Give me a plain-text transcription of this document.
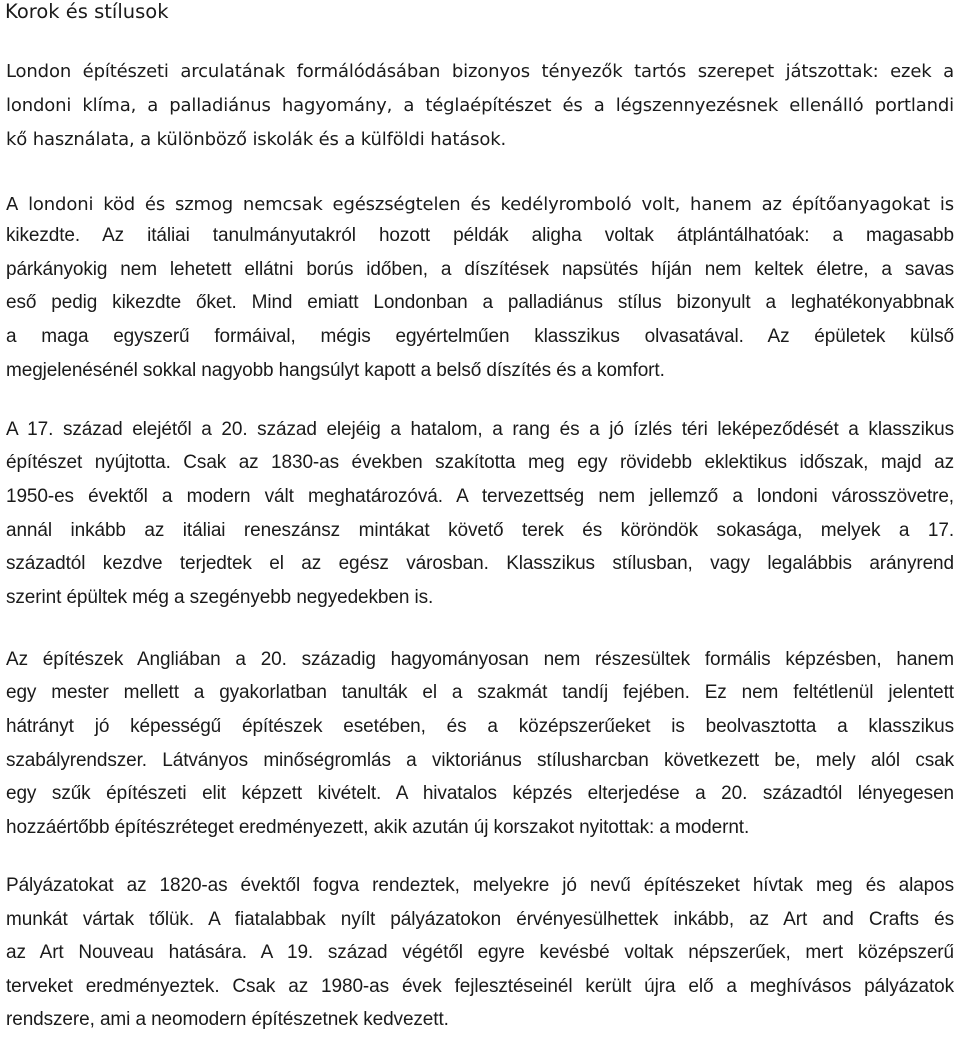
Korok és stílusok

London építészeti arculatának formálódásában bizonyos tényezők tartós szerepet játszottak: ezek a

londoni klíma, a palladiánus hagyomány, a téglaépítészet és a légszennyezésnek ellenálló portlandi

kő használata, a különböző iskolák és a külföldi hatások.

A londoni köd és szmog nemcsak egészségtelen és kedélyromboló volt, hanem az építőanyagokat is

kikezdte. Az itáliai tanulmányutakról hozott példák aligha voltak átplántálhatóak: a magasabb

párkányokig nem lehetett ellátni borús időben, a díszítések napsütés híján nem keltek életre, a savas

eső pedig kikezdte őket. Mind emiatt Londonban a palladiánus stílus bizonyult a leghatékonyabbnak

a maga egyszerű formáival, mégis egyértelműen klasszikus olvasatával. Az épületek külső

megjelenésénél sokkal nagyobb hangsúlyt kapott a belső díszítés és a komfort.

A 17. század elejétől a 20. század elejéig a hatalom, a rang és a jó ízlés téri leképeződését a klasszikus

építészet nyújtotta. Csak az 1830-as években szakította meg egy rövidebb eklektikus időszak, majd az

1950-es évektől a modern vált meghatározóvá. A tervezettség nem jellemző a londoni városszövetre,

annál inkább az itáliai reneszánsz mintákat követő terek és köröndök sokasága, melyek a 17.

századtól kezdve terjedtek el az egész városban. Klasszikus stílusban, vagy legalábbis arányrend

szerint épültek még a szegényebb negyedekben is.

Az építészek Angliában a 20. századig hagyományosan nem részesültek formális képzésben, hanem

egy mester mellett a gyakorlatban tanulták el a szakmát tandíj fejében. Ez nem feltétlenül jelentett

hátrányt jó képességű építészek esetében, és a középszerűeket is beolvasztotta a klasszikus

szabályrendszer. Látványos minőségromlás a viktoriánus stílusharcban következett be, mely alól csak

egy szűk építészeti elit képzett kivételt. A hivatalos képzés elterjedése a 20. századtól lényegesen

hozzáértőbb építészréteget eredményezett, akik azután új korszakot nyitottak: a modernt.

Pályázatokat az 1820-as évektől fogva rendeztek, melyekre jó nevű építészeket hívtak meg és alapos

munkát vártak tőlük. A fiatalabbak nyílt pályázatokon érvényesülhettek inkább, az Art and Crafts és

az Art Nouveau hatására. A 19. század végétől egyre kevésbé voltak népszerűek, mert középszerű

terveket eredményeztek. Csak az 1980-as évek fejlesztéseinél került újra elő a meghívásos pályázatok

rendszere, ami a neomodern építészetnek kedvezett.
